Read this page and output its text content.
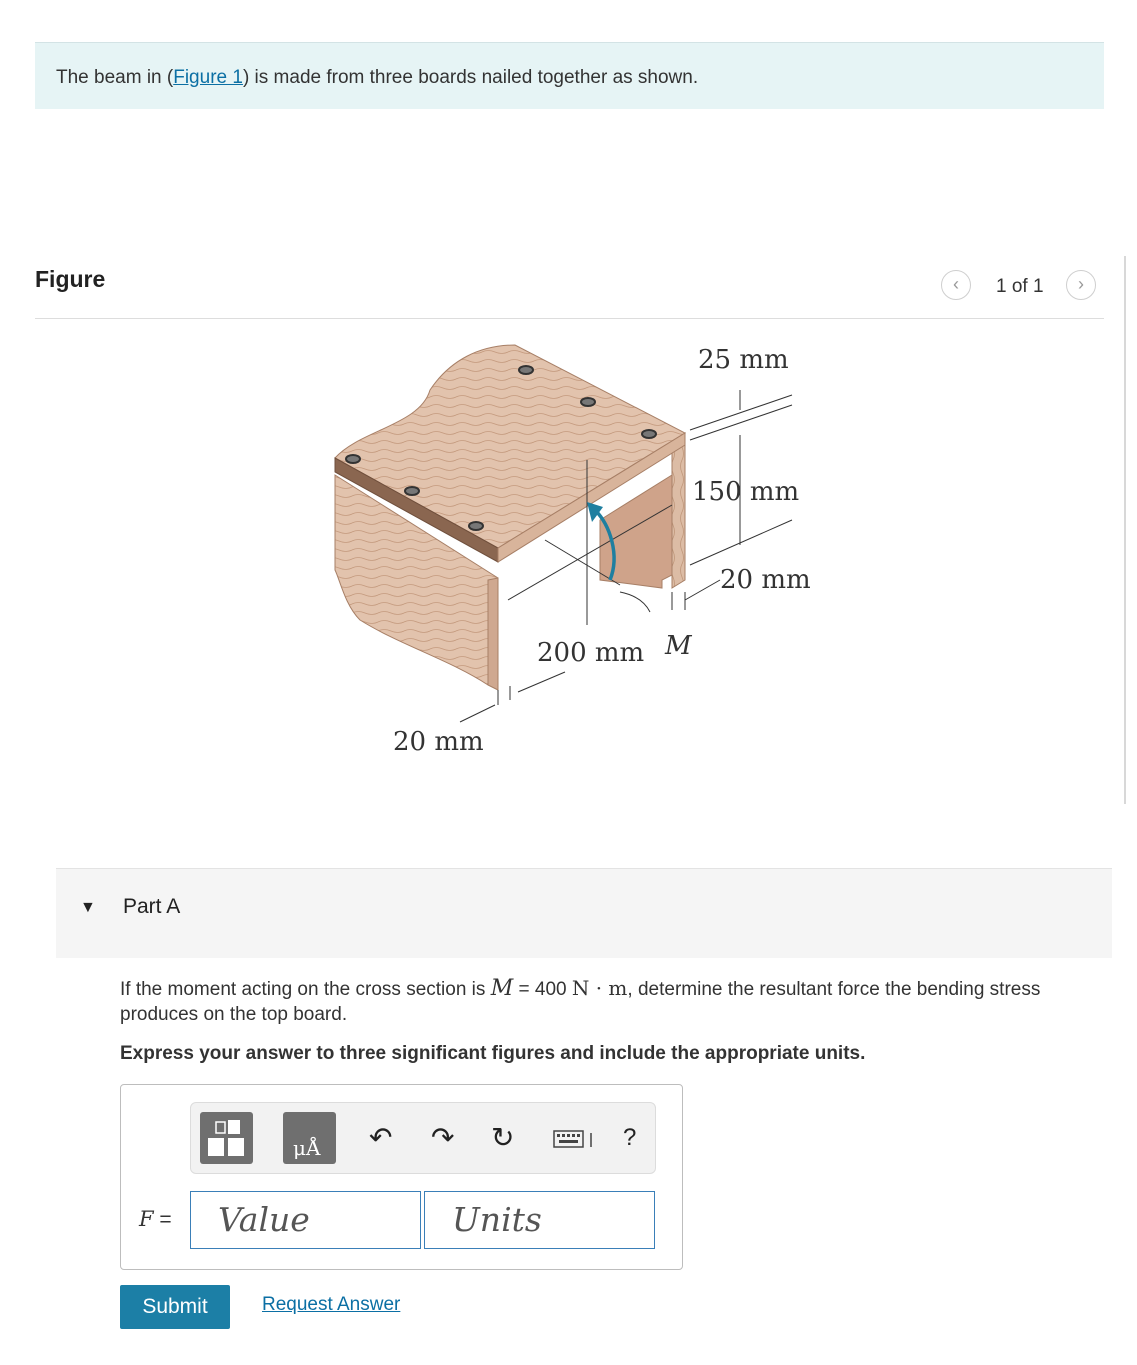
The beam in (Figure 1) is made from three boards nailed together as shown.

Figure	‹	1 of 1	›
25 mm
150 mm
20 mm
200 mm M
20 mm
▼ Part A
If the moment acting on the cross section is M = 400 N · m, determine the resultant force the bending stress produces on the top board.
Express your answer to three significant figures and include the appropriate units.
μÅ ↶ ↷ ↻	?
F =	Value	Units
Submit	Request Answer
